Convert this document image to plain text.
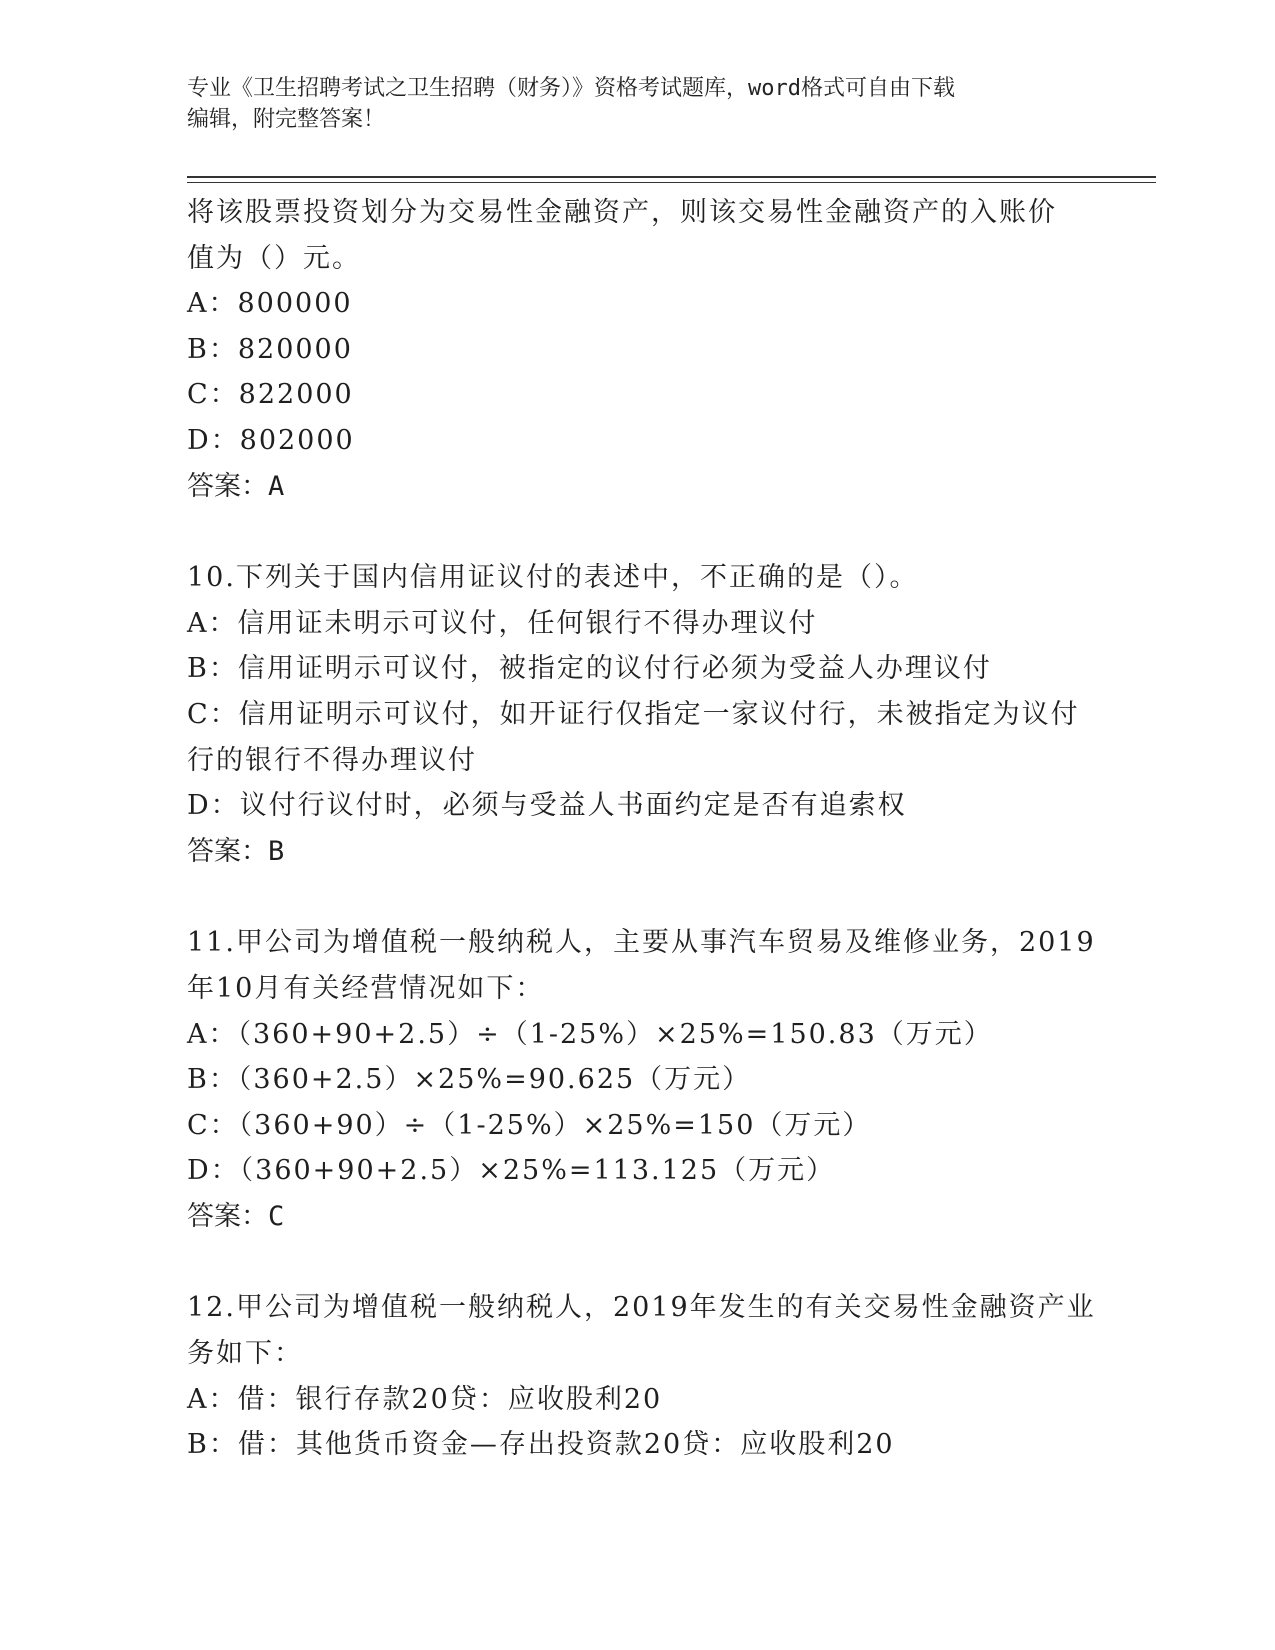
专业《卫生招聘考试之卫生招聘（财务）》资格考试题库，word格式可自由下载
编辑，附完整答案！
将该股票投资划分为交易性金融资产，则该交易性金融资产的入账价
值为（）元。
A：800000
B：820000
C：822000
D：802000
答案：A
10.下列关于国内信用证议付的表述中，不正确的是（）。
A：信用证未明示可议付，任何银行不得办理议付
B：信用证明示可议付，被指定的议付行必须为受益人办理议付
C：信用证明示可议付，如开证行仅指定一家议付行，未被指定为议付
行的银行不得办理议付
D：议付行议付时，必须与受益人书面约定是否有追索权
答案：B
11.甲公司为增值税一般纳税人，主要从事汽车贸易及维修业务，2019
年10月有关经营情况如下：
A：（360+90+2.5）÷（1-25%）×25%=150.83（万元）
B：（360+2.5）×25%=90.625（万元）
C：（360+90）÷（1-25%）×25%=150（万元）
D：（360+90+2.5）×25%=113.125（万元）
答案：C
12.甲公司为增值税一般纳税人，2019年发生的有关交易性金融资产业
务如下：
A：借：银行存款20贷：应收股利20
B：借：其他货币资金—存出投资款20贷：应收股利20
